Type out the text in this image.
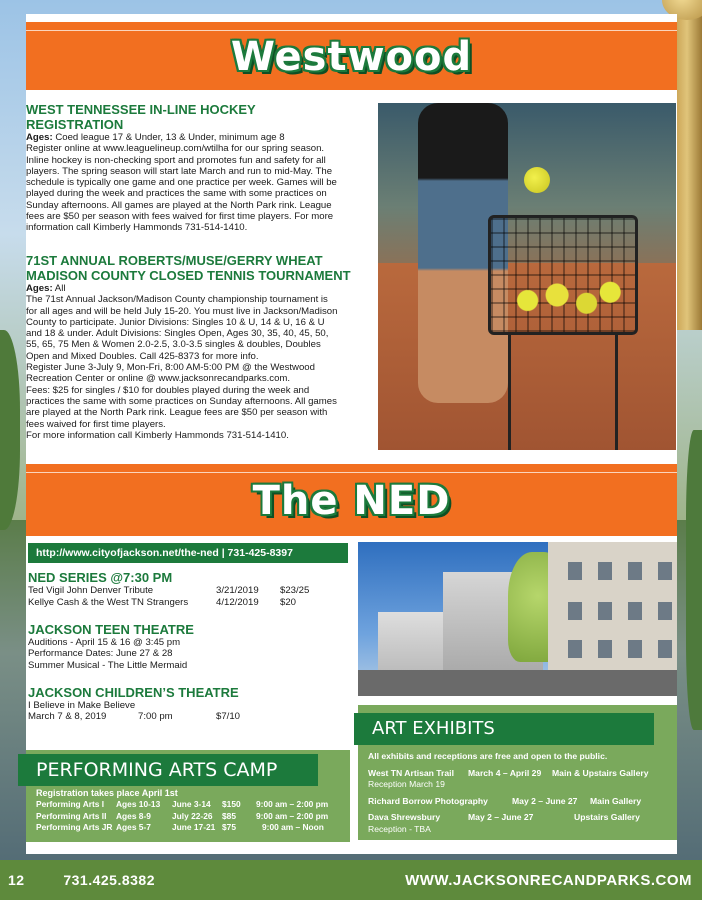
Westwood
WEST TENNESSEE IN-LINE HOCKEY
REGISTRATION

Ages: Coed league 17 & Under, 13 & Under, minimum age 8

Register online at www.leaguelineup.com/wtilha for our spring season.

Inline hockey is non-checking sport and promotes fun and safety for all

players. The spring season will start late March and run to mid-May. The

schedule is typically one game and one practice per week. Games will be

played during the week and practices the same with some practices on

Sunday afternoons. All games are played at the North Park rink. League

fees are $50 per season with fees waived for first time players. For more

information call Kimberly Hammonds 731-514-1410.

71ST ANNUAL ROBERTS/MUSE/GERRY WHEAT
MADISON COUNTY CLOSED TENNIS TOURNAMENT

Ages: All

The 71st Annual Jackson/Madison County championship tournament is

for all ages and will be held July 15-20. You must live in Jackson/Madison

County to participate. Junior Divisions: Singles 10 & U, 14 & U, 16 & U

and 18 & under. Adult Divisions: Singles Open, Ages 30, 35, 40, 45, 50,

55, 65, 75 Men & Women 2.0-2.5, 3.0-3.5 singles & doubles, Doubles

Open and Mixed Doubles. Call 425-8373 for more info.

Register June 3-July 9, Mon-Fri, 8:00 AM-5:00 PM @ the Westwood

Recreation Center or online @ www.jacksonrecandparks.com.

Fees: $25 for singles / $10 for doubles played during the week and

practices the same with some practices on Sunday afternoons. All games

are played at the North Park rink. League fees are $50 per season with

fees waived for first time players.

For more information call Kimberly Hammonds 731-514-1410.

The NED
http://www.cityofjackson.net/the-ned | 731-425-8397
NED SERIES @7:30 PM
Ted Vigil John Denver Tribute	3/21/2019 $23/25
Kellye Cash & the West TN Strangers	4/12/2019 $20
JACKSON TEEN THEATRE

Auditions - April 15 & 16 @ 3:45 pm

Performance Dates: June 27 & 28

Summer Musical - The Little Mermaid

JACKSON CHILDREN’S THEATRE

I Believe in Make Believe

March 7 & 8, 2019	7:00 pm	$7/10
PERFORMING ARTS CAMP

Registration takes place April 1st

Performing Arts I Ages 10-13 June 3-14 $150 9:00 am – 2:00 pm
Performing Arts II Ages 8-9	July 22-26 $85 9:00 am – 2:00 pm
Performing Arts JR Ages 5-7	June 17-21 $75	9:00 am – Noon
ART EXHIBITS

All exhibits and receptions are free and open to the public.

West TN Artisan Trail March 4 – April 29 Main & Upstairs Gallery

Reception March 19

Richard Borrow Photography	May 2 – June 27 Main Gallery
Dava Shrewsbury	May 2 – June 27	Upstairs Gallery

Reception - TBA

12	731.425.8382	WWW.JACKSONRECANDPARKS.COM
